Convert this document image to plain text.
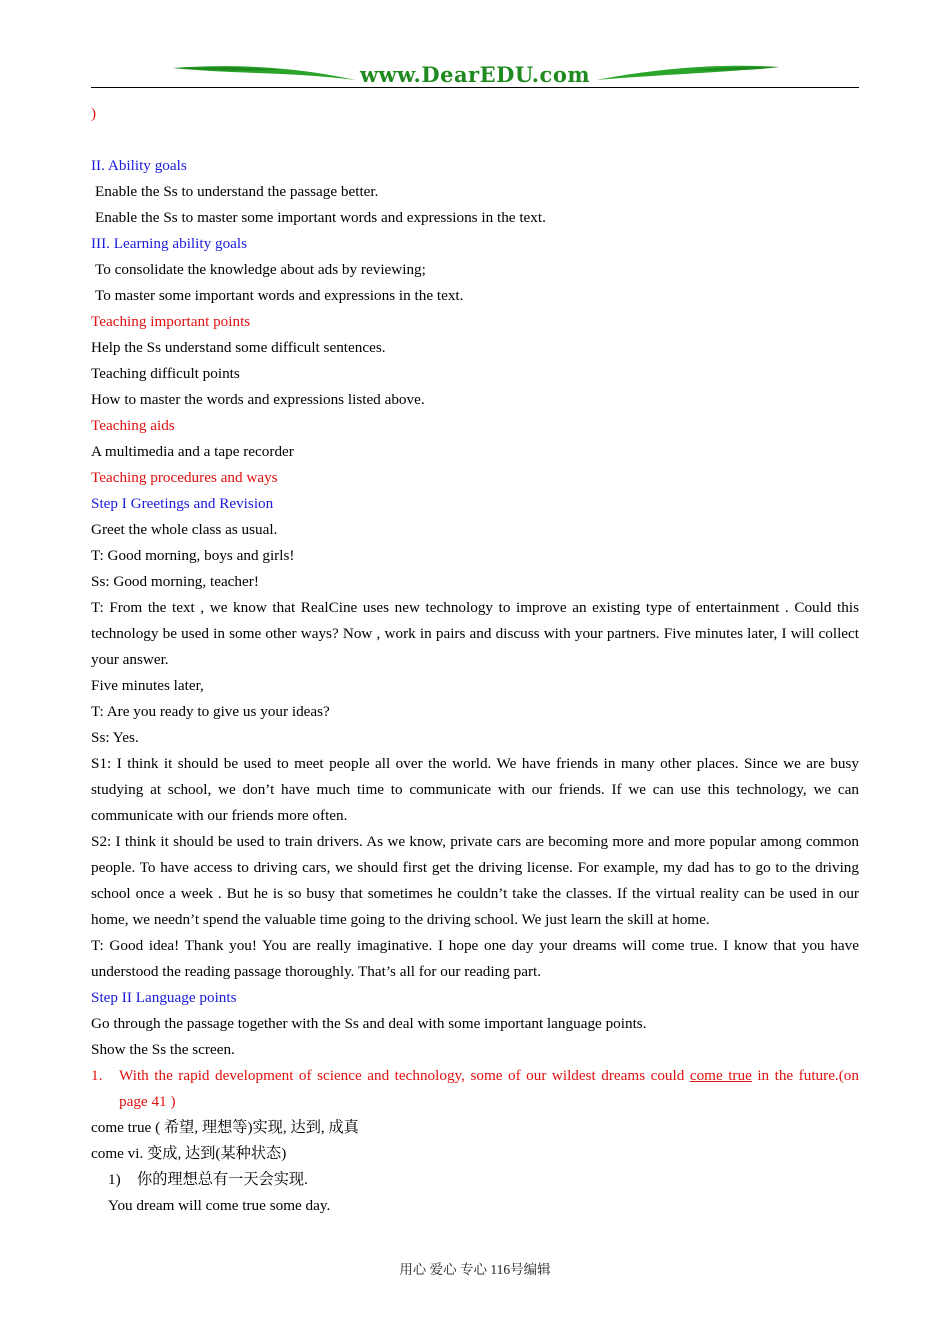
www.DearEDU.com

)

II. Ability goals

Enable the Ss to understand the passage better.

Enable the Ss to master some important words and expressions in the text.

III. Learning ability goals

To consolidate the knowledge about ads by reviewing;

To master some important words and expressions in the text.

Teaching important points

Help the Ss understand some difficult sentences.

Teaching difficult points

How to master the words and expressions listed above.

Teaching aids

A multimedia and a tape recorder

Teaching procedures and ways

Step I Greetings and Revision

Greet the whole class as usual.

T: Good morning, boys and girls!

Ss: Good morning, teacher!

T: From the text , we know that RealCine uses new technology to improve an existing type of entertainment . Could this technology be used in some other ways? Now , work in pairs and discuss with your partners. Five minutes later, I will collect your answer.

Five minutes later,

T: Are you ready to give us your ideas?

Ss: Yes.

S1: I think it should be used to meet people all over the world. We have friends in many other places. Since we are busy studying at school, we don’t have much time to communicate with our friends. If we can use this technology, we can communicate with our friends more often.

S2: I think it should be used to train drivers. As we know, private cars are becoming more and more popular among common people. To have access to driving cars, we should first get the driving license. For example, my dad has to go to the driving school once a week . But he is so busy that sometimes he couldn’t take the classes. If the virtual reality can be used in our home, we needn’t spend the valuable time going to the driving school. We just learn the skill at home.

T: Good idea! Thank you! You are really imaginative. I hope one day your dreams will come true. I know that you have understood the reading passage thoroughly. That’s all for our reading part.

Step II Language points

Go through the passage together with the Ss and deal with some important language points.

Show the Ss the screen.

1.	With the rapid development of science and technology, some of our wildest dreams could come true in the future.(on page 41 )

come true ( 希望, 理想等)实现, 达到, 成真

come vi. 变成, 达到(某种状态)

1) 你的理想总有一天会实现.

You dream will come true some day.

用心 爱心 专心 116号编辑
